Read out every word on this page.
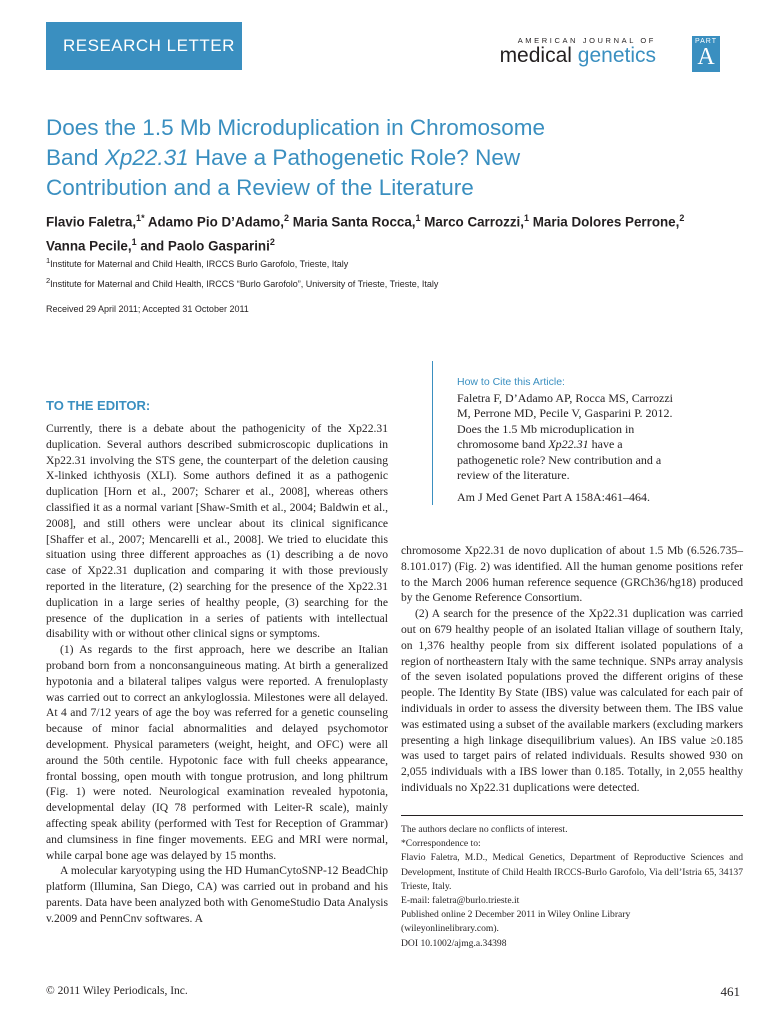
RESEARCH LETTER	AMERICAN JOURNAL OF
medical genetics
PART
A
Does the 1.5 Mb Microduplication in Chromosome
Band Xp22.31 Have a Pathogenetic Role? New
Contribution and a Review of the Literature
Flavio Faletra,$^{1*}$ Adamo Pio D’Adamo,$^2$ Maria Santa Rocca,$^1$ Marco Carrozzi,$^1$ Maria Dolores Perrone,$^2$
Vanna Pecile,$^1$ and Paolo Gasparini$^2$
$^1$Institute for Maternal and Child Health, IRCCS Burlo Garofolo, Trieste, Italy
$^2$Institute for Maternal and Child Health, IRCCS “Burlo Garofolo”, University of Trieste, Trieste, Italy
Received 29 April 2011; Accepted 31 October 2011
How to Cite this Article:
Faletra F, D’Adamo AP, Rocca MS, Carrozzi
M, Perrone MD, Pecile V, Gasparini P. 2012.
Does the 1.5 Mb microduplication in
chromosome band Xp22.31 have a
pathogenetic role? New contribution and a
review of the literature.
Am J Med Genet Part A 158A:461–464.
TO THE EDITOR:

Currently, there is a debate about the pathogenicity of the Xp22.31 duplication. Several authors described submicroscopic duplications in Xp22.31 involving the STS gene, the counterpart of the deletion causing X-linked ichthyosis (XLI). Some authors defined it as a pathogenic duplication [Horn et al., 2007; Scharer et al., 2008], whereas others classified it as a normal variant [Shaw-Smith et al., 2004; Baldwin et al., 2008], and still others were unclear about its clinical significance [Shaffer et al., 2007; Mencarelli et al., 2008]. We tried to elucidate this situation using three different approaches as (1) describing a de novo case of Xp22.31 duplication and comparing it with those previously reported in the literature, (2) searching for the presence of the Xp22.31 duplication in a large series of healthy people, (3) searching for the presence of the duplication in a series of patients with intellectual disability with or without other clinical signs or symptoms.

(1) As regards to the first approach, here we describe an Italian proband born from a nonconsanguineous mating. At birth a generalized hypotonia and a bilateral talipes valgus were reported. A frenuloplasty was carried out to correct an ankyloglossia. Milestones were all delayed. At 4 and 7/12 years of age the boy was referred for a genetic counseling because of minor facial abnormalities and delayed psychomotor development. Physical parameters (weight, height, and OFC) were all around the 50th centile. Hypotonic face with full cheeks appearance, frontal bossing, open mouth with tongue protrusion, and long philtrum (Fig. 1) were noted. Neurological examination revealed hypotonia, developmental delay (IQ 78 performed with Leiter-R scale), mainly affecting speak ability (performed with Test for Reception of Grammar) and clumsiness in fine finger movements. EEG and MRI were normal, while carpal bone age was delayed by 15 months.

A molecular karyotyping using the HD HumanCytoSNP-12 BeadChip platform (Illumina, San Diego, CA) was carried out in proband and his parents. Data have been analyzed both with GenomeStudio Data Analysis v.2009 and PennCnv softwares. A

chromosome Xp22.31 de novo duplication of about 1.5 Mb (6.526.735–8.101.017) (Fig. 2) was identified. All the human genome positions refer to the March 2006 human reference sequence (GRCh36/hg18) produced by the Genome Reference Consortium.

(2) A search for the presence of the Xp22.31 duplication was carried out on 679 healthy people of an isolated Italian village of southern Italy, on 1,376 healthy people from six different isolated populations of a region of northeastern Italy with the same technique. SNPs array analysis of the seven isolated populations proved the different origins of these people. The Identity By State (IBS) value was calculated for each pair of individuals in order to assess the diversity between them. The IBS value was estimated using a subset of the available markers (excluding markers presenting a high linkage disequilibrium values). An IBS value ≥0.185 was used to target pairs of related individuals. Results showed 930 on 2,055 individuals with a IBS lower than 0.185. Totally, in 2,055 healthy individuals no Xp22.31 duplications were detected.

The authors declare no conflicts of interest.

*Correspondence to:

Flavio Faletra, M.D., Medical Genetics, Department of Reproductive Sciences and Development, Institute of Child Health IRCCS-Burlo Garofolo, Via dell’Istria 65, 34137 Trieste, Italy.

E-mail: faletra@burlo.trieste.it

Published online 2 December 2011 in Wiley Online Library

(wileyonlinelibrary.com).

DOI 10.1002/ajmg.a.34398

© 2011 Wiley Periodicals, Inc.	461
